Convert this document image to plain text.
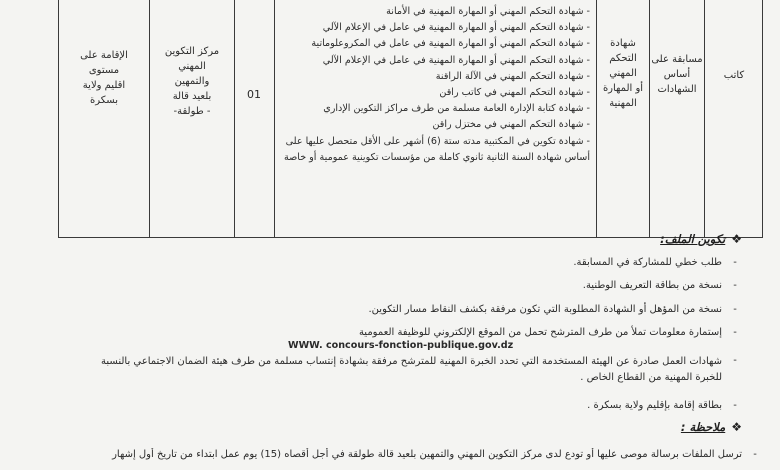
الإقامة على
مستوى
اقليم ولاية
بسكرة
مركز التكوين
المهني
والتمهين
بلعيد قالة
- طولقة-
01
- شهادة التحكم المهني أو المهارة المهنية في الأمانة
- شهادة التحكم المهني أو المهارة المهنية في عامل في الإعلام الآلي
- شهادة التحكم المهني أو المهارة المهنية في عامل في المكروعلوماتية
- شهادة التحكم المهني أو المهارة المهنية في عامل في الإعلام الآلي
- شهادة التحكم المهني في الآلة الراقنة
- شهادة التحكم المهني في كاتب راقن
- شهادة كتابة الإدارة العامة مسلمة من طرف مراكز التكوين الإداري
- شهادة التحكم المهني في مختزل راقن
- شهادة تكوين في المكتبية مدته ستة (6) أشهر على الأقل متحصل عليها على أساس شهادة السنة الثانية ثانوي كاملة من مؤسسات تكوينية عمومية أو خاصة
شهادة
التحكم
المهني
أو المهارة
المهنية
مسابقة على
أساس
الشهادات
كاتب
❖
تكوين الملف:
-
طلب خطي للمشاركة في المسابقة.
-
نسخة من بطاقة التعريف الوطنية.
-
نسخة من المؤهل أو الشهادة المطلوبة التي تكون مرفقة بكشف النقاط مسار التكوين.
-
إستمارة معلومات تملأ من طرف المترشح تحمل من الموقع الإلكتروني للوظيفة العمومية
WWW. concours-fonction-publique.gov.dz
-
شهادات العمل صادرة عن الهيئة المستخدمة التي تحدد الخبرة المهنية للمترشح مرفقة بشهادة إنتساب مسلمة من طرف هيئة الضمان الاجتماعي بالنسبة للخبرة المهنية من القطاع الخاص .
-
بطاقة إقامة بإقليم ولاية بسكرة .
❖
ملاحظة :
-
ترسل الملفات برسالة موصى عليها أو تودع لدى مركز التكوين المهني والتمهين بلعيد قالة طولقة في أجل أقصاه (15) يوم عمل ابتداء من تاريخ أول إشهار
